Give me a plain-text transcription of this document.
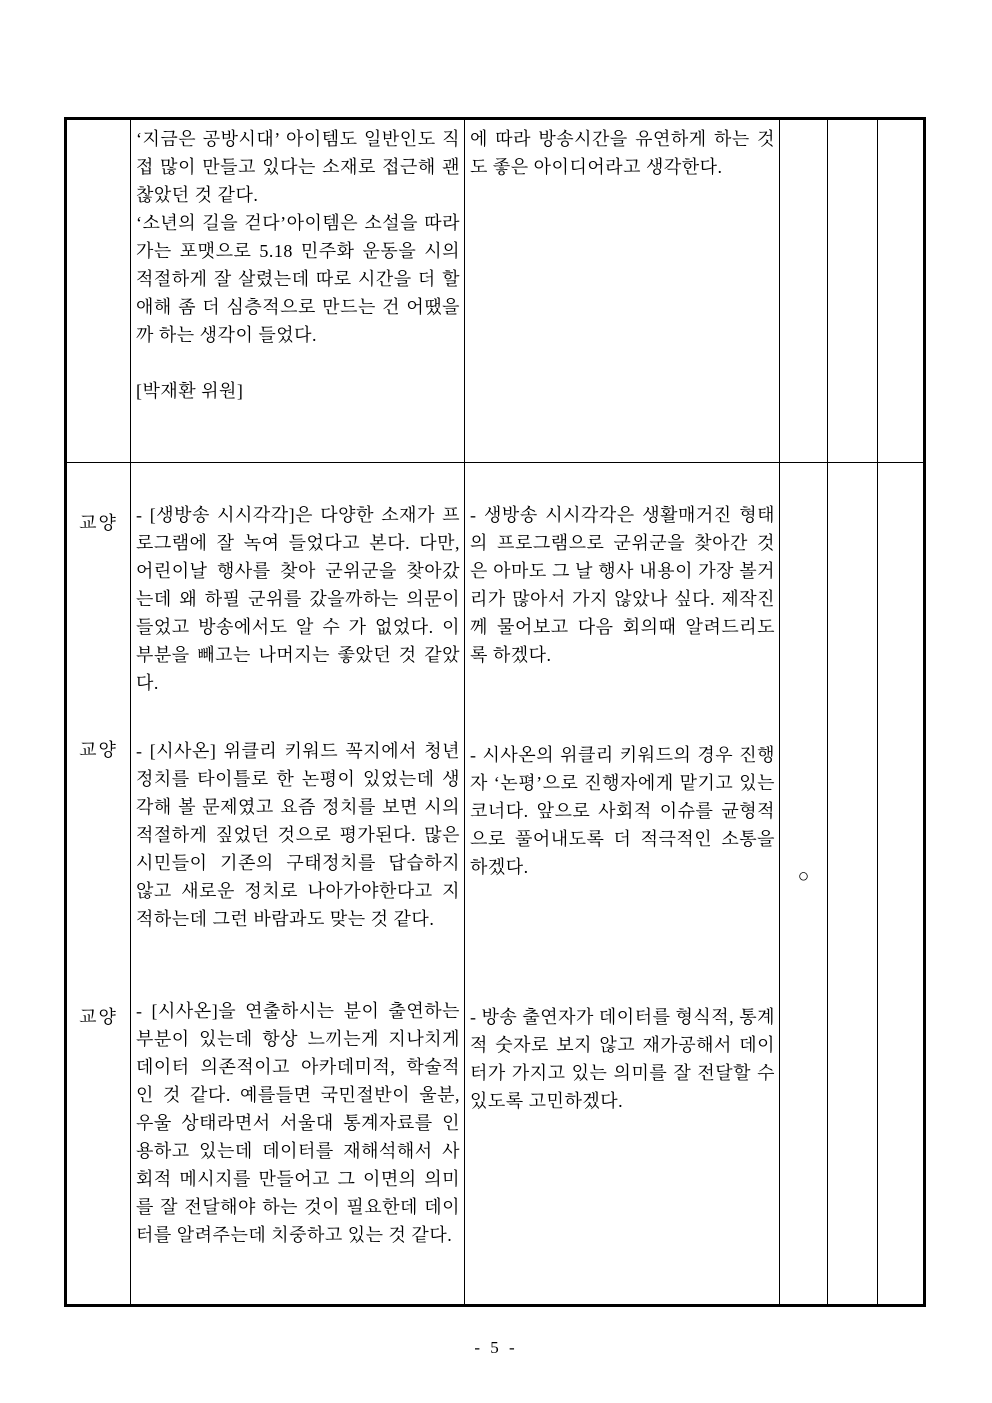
‘지금은 공방시대’ 아이템도 일반인도 직접 많이 만들고 있다는 소재로 접근해 괜찮았던 것 같다.

‘소년의 길을 걷다’아이템은 소설을 따라가는 포맷으로 5.18 민주화 운동을 시의적절하게 잘 살렸는데 따로 시간을 더 할애해 좀 더 심층적으로 만드는 건 어땠을까 하는 생각이 들었다.

[박재환 위원]

에 따라 방송시간을 유연하게 하는 것도 좋은 아이디어라고 생각한다.

교양
교양
교양

- [생방송 시시각각]은 다양한 소재가 프로그램에 잘 녹여 들었다고 본다. 다만, 어린이날 행사를 찾아 군위군을 찾아갔는데 왜 하필 군위를 갔을까하는 의문이 들었고 방송에서도 알 수 가 없었다. 이 부분을 빼고는 나머지는 좋았던 것 같았다.

- [시사온] 위클리 키워드 꼭지에서 청년정치를 타이틀로 한 논평이 있었는데 생각해 볼 문제였고 요즘 정치를 보면 시의적절하게 짚었던 것으로 평가된다. 많은 시민들이 기존의 구태정치를 답습하지 않고 새로운 정치로 나아가야한다고 지적하는데 그런 바람과도 맞는 것 같다.

- [시사온]을 연출하시는 분이 출연하는 부분이 있는데 항상 느끼는게 지나치게 데이터 의존적이고 아카데미적, 학술적인 것 같다. 예를들면 국민절반이 울분, 우울 상태라면서 서울대 통계자료를 인용하고 있는데 데이터를 재해석해서 사회적 메시지를 만들어고 그 이면의 의미를 잘 전달해야 하는 것이 필요한데 데이터를 알려주는데 치중하고 있는 것 같다.

- 생방송 시시각각은 생활매거진 형태의 프로그램으로 군위군을 찾아간 것은 아마도 그 날 행사 내용이 가장 볼거리가 많아서 가지 않았나 싶다. 제작진께 물어보고 다음 회의때 알려드리도록 하겠다.

- 시사온의 위클리 키워드의 경우 진행자 ‘논평’으로 진행자에게 맡기고 있는 코너다. 앞으로 사회적 이슈를 균형적으로 풀어내도록 더 적극적인 소통을 하겠다.

- 방송 출연자가 데이터를 형식적, 통계적 숫자로 보지 않고 재가공해서 데이터가 가지고 있는 의미를 잘 전달할 수 있도록 고민하겠다.

○
- 5 -
